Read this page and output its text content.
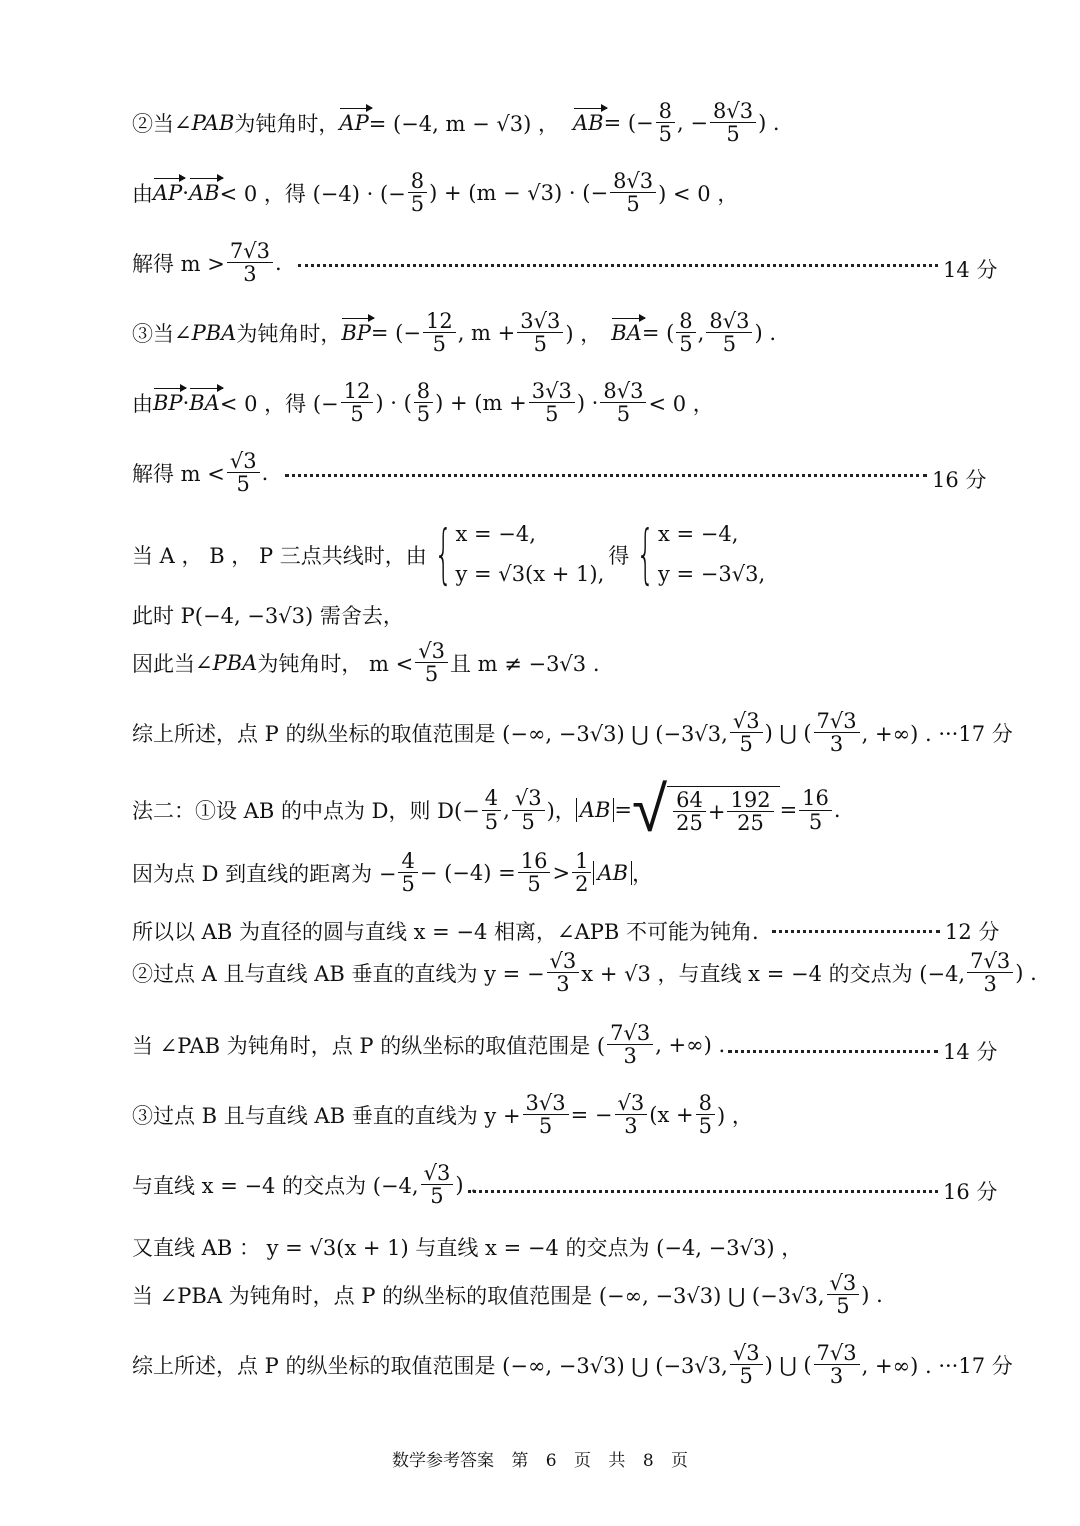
②当 ∠PAB 为钝角时， AP = (−4, m − √3) ， AB = (− $\frac{8}{5}$ , − $\frac{8√3}{5}$ ) .
由 AP · AB < 0 ，得 (−4) · (− $\frac{8}{5}$ ) + (m − √3) · (− $\frac{8√3}{5}$ ) < 0 ，
解得 $m > \frac{7√3}{3}$ .	14 分
③当 ∠PBA 为钝角时， BP = (− $\frac{12}{5}$ , $m + \frac{3√3}{5}$ ) ， BA = ( $\frac{8}{5}$ , $\frac{8√3}{5}$ ) .
由 BP · BA < 0 ，得 (− $\frac{12}{5}$ ) · ( $\frac{8}{5}$ ) + ($m + \frac{3√3}{5}$ ) · $\frac{8√3}{5} < 0$ ，
解得 $m < \frac{√3}{5}$ .	16 分
当 A ， B ， P 三点共线时，由 { x = −4,
y = √3(x + 1),
得 { x = −4,
y = −3√3,
此时 P(−4, −3√3) 需舍去，
因此当 ∠PBA 为钝角时， $m < \frac{√3}{5}$ 且 m ≠ −3√3 .
综上所述，点 P 的纵坐标的取值范围是 (−∞, −3√3) ⋃ (−3√3, $\frac{√3}{5}$ ) ⋃ ( $\frac{7√3}{3}$ , +∞) . ···17 分
法二：①设 AB 的中点为 D，则 $D(- \frac{4}{5}$ , $\frac{√3}{5}$ )， AB = √ $\frac{64}{25} + \frac{192}{25} = \frac{16}{5}$ .
因为点 D 到直线的距离为 − $\frac{4}{5} - (-4) = \frac{16}{5} > \frac{1}{2}$ AB ，
所以以 AB 为直径的圆与直线 x = −4 相离，∠APB 不可能为钝角.	12 分
②过点 A 且与直线 AB 垂直的直线为 y = − $\frac{√3}{3}$ x + √3 ，与直线 x = −4 的交点为 (−4, $\frac{7√3}{3}$ ) .
当 ∠PAB 为钝角时，点 P 的纵坐标的取值范围是 ( $\frac{7√3}{3}$ , +∞) .	14 分
③过点 B 且与直线 AB 垂直的直线为 $y + \frac{3√3}{5}$ = − $\frac{√3}{3} (x + \frac{8}{5}$ ) ，
与直线 x = −4 的交点为 (−4, $\frac{√3}{5}$ ) .	16 分
又直线 AB ： y = √3(x + 1) 与直线 x = −4 的交点为 (−4, −3√3) ，
当 ∠PBA 为钝角时，点 P 的纵坐标的取值范围是 (−∞, −3√3) ⋃ (−3√3, $\frac{√3}{5}$ ) .
综上所述，点 P 的纵坐标的取值范围是 (−∞, −3√3) ⋃ (−3√3, $\frac{√3}{5}$ ) ⋃ ( $\frac{7√3}{3}$ , +∞) . ···17 分
数学参考答案 第 6 页 共 8 页
